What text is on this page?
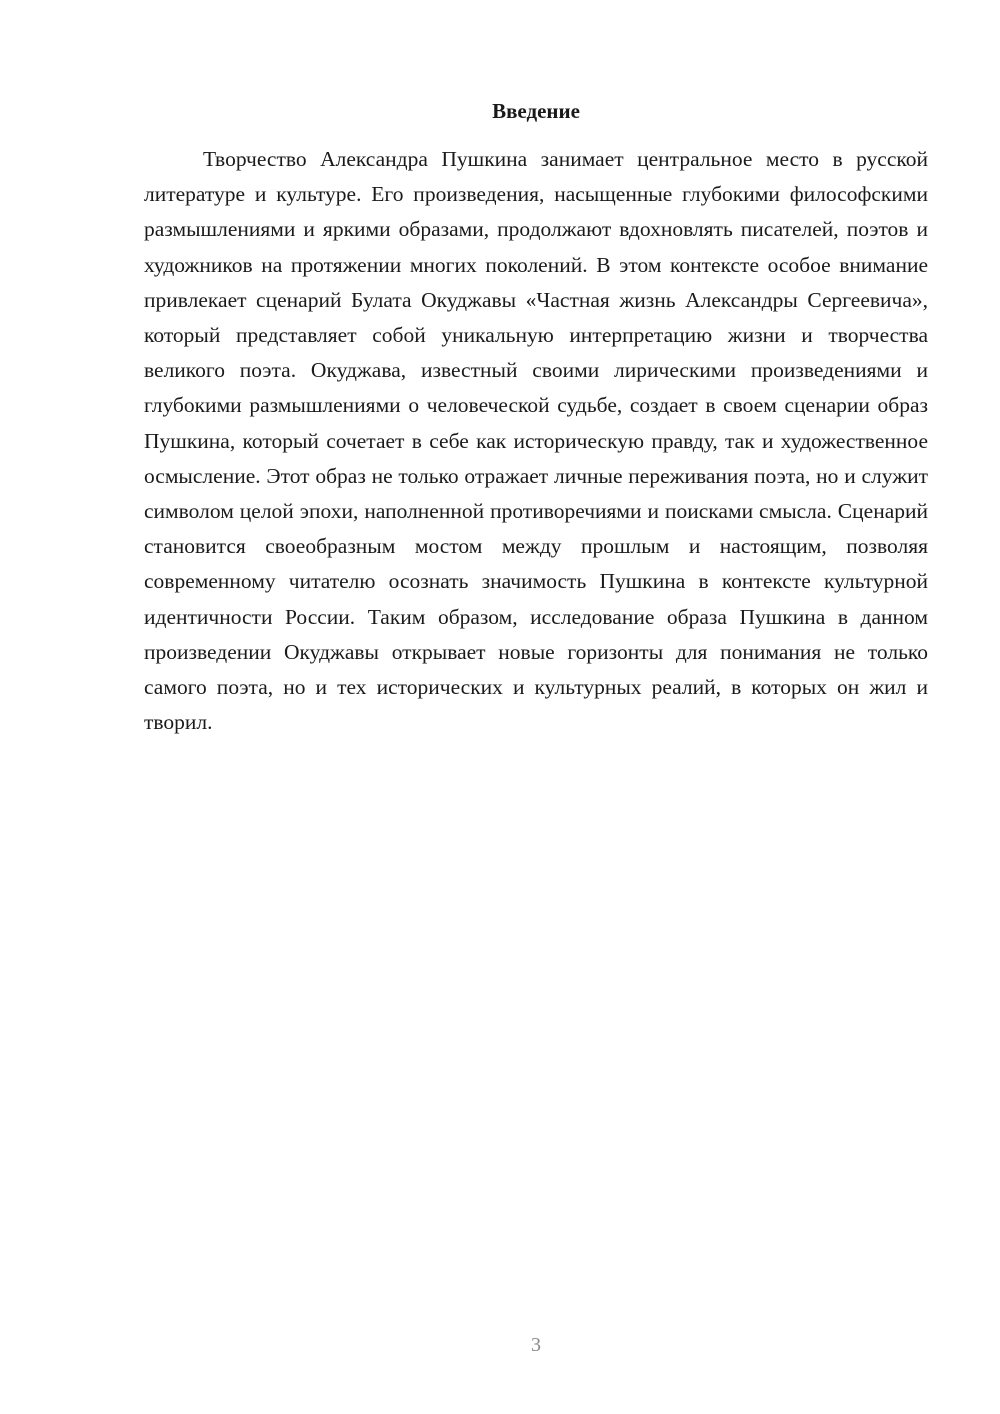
Введение

Творчество Александра Пушкина занимает центральное место в русской литературе и культуре. Его произведения, насыщенные глубокими философскими размышлениями и яркими образами, продолжают вдохновлять писателей, поэтов и художников на протяжении многих поколений. В этом контексте особое внимание привлекает сценарий Булата Окуджавы «Частная жизнь Александры Сергеевича», который представляет собой уникальную интерпретацию жизни и творчества великого поэта. Окуджава, известный своими лирическими произведениями и глубокими размышлениями о человеческой судьбе, создает в своем сценарии образ Пушкина, который сочетает в себе как историческую правду, так и художественное осмысление. Этот образ не только отражает личные переживания поэта, но и служит символом целой эпохи, наполненной противоречиями и поисками смысла. Сценарий становится своеобразным мостом между прошлым и настоящим, позволяя современному читателю осознать значимость Пушкина в контексте культурной идентичности России. Таким образом, исследование образа Пушкина в данном произведении Окуджавы открывает новые горизонты для понимания не только самого поэта, но и тех исторических и культурных реалий, в которых он жил и творил.

3
